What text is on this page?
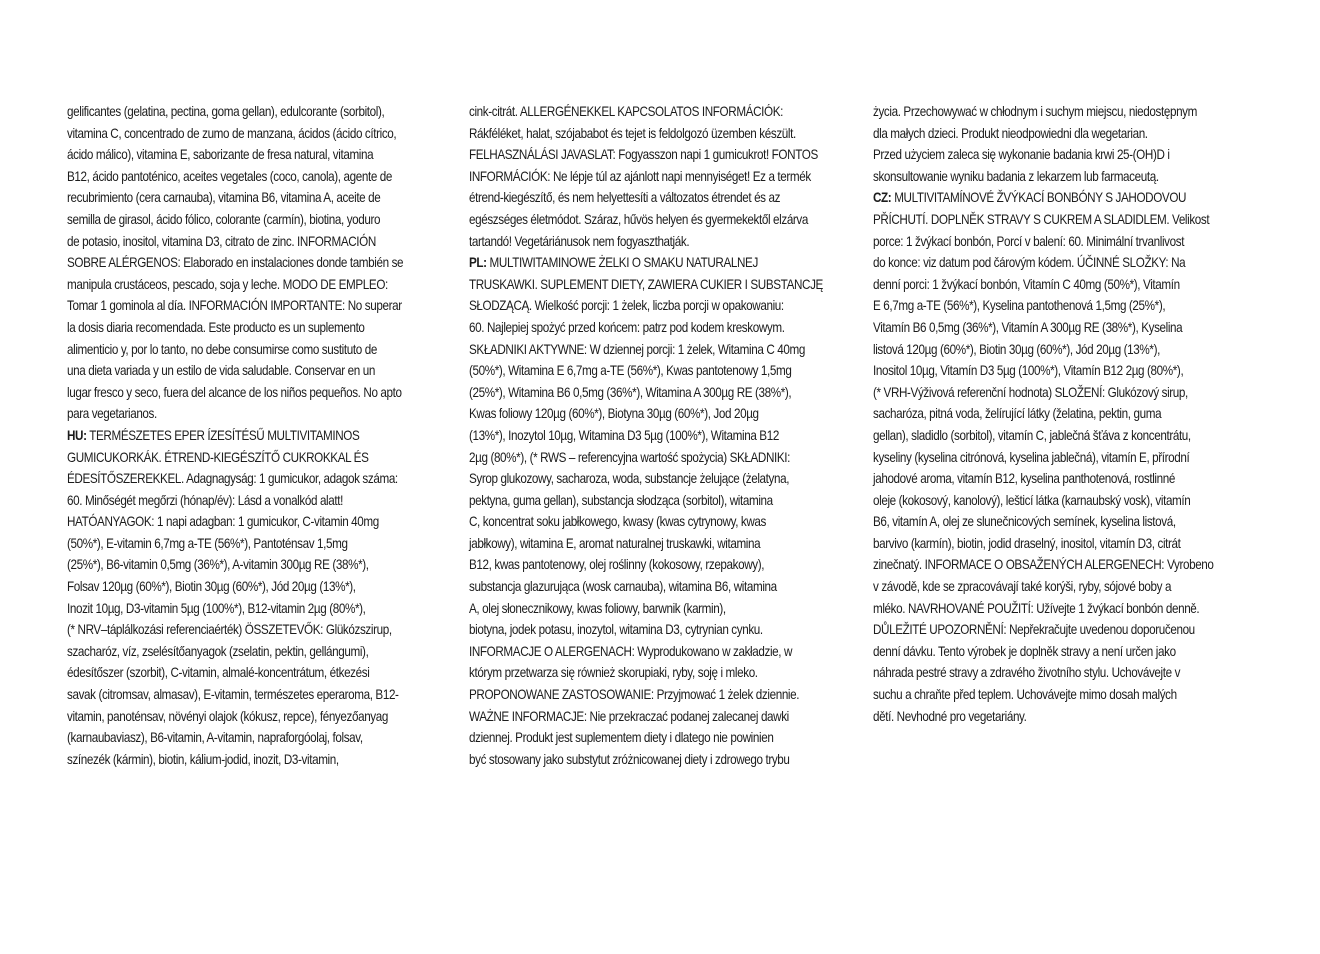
gelificantes (gelatina, pectina, goma gellan), edulcorante (sorbitol),
vitamina C, concentrado de zumo de manzana, ácidos (ácido cítrico,
ácido málico), vitamina E, saborizante de fresa natural, vitamina
B12, ácido pantoténico, aceites vegetales (coco, canola), agente de
recubrimiento (cera carnauba), vitamina B6, vitamina A, aceite de
semilla de girasol, ácido fólico, colorante (carmín), biotina, yoduro
de potasio, inositol, vitamina D3, citrato de zinc. INFORMACIÓN
SOBRE ALÉRGENOS: Elaborado en instalaciones donde también se
manipula crustáceos, pescado, soja y leche. MODO DE EMPLEO:
Tomar 1 gominola al día. INFORMACIÓN IMPORTANTE: No superar
la dosis diaria recomendada. Este producto es un suplemento
alimenticio y, por lo tanto, no debe consumirse como sustituto de
una dieta variada y un estilo de vida saludable. Conservar en un
lugar fresco y seco, fuera del alcance de los niños pequeños. No apto
para vegetarianos.
HU: TERMÉSZETES EPER ÍZESÍTÉSŰ MULTIVITAMINOS
GUMICUKORKÁK. ÉTREND-KIEGÉSZÍTŐ CUKROKKAL ÉS
ÉDESÍTŐSZEREKKEL. Adagnagyság: 1 gumicukor, adagok száma:
60. Minőségét megőrzi (hónap/év): Lásd a vonalkód alatt!
HATÓANYAGOK: 1 napi adagban: 1 gumicukor, C-vitamin 40mg
(50%*), E-vitamin 6,7mg a-TE (56%*), Pantoténsav 1,5mg
(25%*), B6-vitamin 0,5mg (36%*), A-vitamin 300µg RE (38%*),
Folsav 120µg (60%*), Biotin 30µg (60%*), Jód 20µg (13%*),
Inozit 10µg, D3-vitamin 5µg (100%*), B12-vitamin 2µg (80%*),
(* NRV–táplálkozási referenciaérték) ÖSSZETEVŐK: Glükózszirup,
szacharóz, víz, zselésítőanyagok (zselatin, pektin, gellángumi),
édesítőszer (szorbit), C-vitamin, almalé-koncentrátum, étkezési
savak (citromsav, almasav), E-vitamin, természetes eperaroma, B12-
vitamin, panoténsav, növényi olajok (kókusz, repce), fényezőanyag
(karnaubaviasz), B6-vitamin, A-vitamin, napraforgóolaj, folsav,
színezék (kármin), biotin, kálium-jodid, inozit, D3-vitamin,
cink-citrát. ALLERGÉNEKKEL KAPCSOLATOS INFORMÁCIÓK:
Rákféléket, halat, szójababot és tejet is feldolgozó üzemben készült.
FELHASZNÁLÁSI JAVASLAT: Fogyasszon napi 1 gumicukrot! FONTOS
INFORMÁCIÓK: Ne lépje túl az ajánlott napi mennyiséget! Ez a termék
étrend-kiegészítő, és nem helyettesíti a változatos étrendet és az
egészséges életmódot. Száraz, hűvös helyen és gyermekektől elzárva
tartandó! Vegetáriánusok nem fogyaszthatják.
PL: MULTIWITAMINOWE ŻELKI O SMAKU NATURALNEJ
TRUSKAWKI. SUPLEMENT DIETY, ZAWIERA CUKIER I SUBSTANCJĘ
SŁODZĄCĄ. Wielkość porcji: 1 żelek, liczba porcji w opakowaniu:
60. Najlepiej spożyć przed końcem: patrz pod kodem kreskowym.
SKŁADNIKI AKTYWNE: W dziennej porcji: 1 żelek, Witamina C 40mg
(50%*), Witamina E 6,7mg a-TE (56%*), Kwas pantotenowy 1,5mg
(25%*), Witamina B6 0,5mg (36%*), Witamina A 300µg RE (38%*),
Kwas foliowy 120µg (60%*), Biotyna 30µg (60%*), Jod 20µg
(13%*), Inozytol 10µg, Witamina D3 5µg (100%*), Witamina B12
2µg (80%*), (* RWS – referencyjna wartość spożycia) SKŁADNIKI:
Syrop glukozowy, sacharoza, woda, substancje żelujące (żelatyna,
pektyna, guma gellan), substancja słodząca (sorbitol), witamina
C, koncentrat soku jabłkowego, kwasy (kwas cytrynowy, kwas
jabłkowy), witamina E, aromat naturalnej truskawki, witamina
B12, kwas pantotenowy, olej roślinny (kokosowy, rzepakowy),
substancja glazurująca (wosk carnauba), witamina B6, witamina
A, olej słonecznikowy, kwas foliowy, barwnik (karmin),
biotyna, jodek potasu, inozytol, witamina D3, cytrynian cynku.
INFORMACJE O ALERGENACH: Wyprodukowano w zakładzie, w
którym przetwarza się również skorupiaki, ryby, soję i mleko.
PROPONOWANE ZASTOSOWANIE: Przyjmować 1 żelek dziennie.
WAŻNE INFORMACJE: Nie przekraczać podanej zalecanej dawki
dziennej. Produkt jest suplementem diety i dlatego nie powinien
być stosowany jako substytut zróżnicowanej diety i zdrowego trybu
życia. Przechowywać w chłodnym i suchym miejscu, niedostępnym
dla małych dzieci. Produkt nieodpowiedni dla wegetarian.
Przed użyciem zaleca się wykonanie badania krwi 25-(OH)D i
skonsultowanie wyniku badania z lekarzem lub farmaceutą.
CZ: MULTIVITAMÍNOVÉ ŽVÝKACÍ BONBÓNY S JAHODOVOU
PŘÍCHUTÍ. DOPLNĚK STRAVY S CUKREM A SLADIDLEM. Velikost
porce: 1 žvýkací bonbón, Porcí v balení: 60. Minimální trvanlivost
do konce: viz datum pod čárovým kódem. ÚČINNÉ SLOŽKY: Na
denní porci: 1 žvýkací bonbón, Vitamín C 40mg (50%*), Vitamín
E 6,7mg a-TE (56%*), Kyselina pantothenová 1,5mg (25%*),
Vitamín B6 0,5mg (36%*), Vitamín A 300µg RE (38%*), Kyselina
listová 120µg (60%*), Biotin 30µg (60%*), Jód 20µg (13%*),
Inositol 10µg, Vitamín D3 5µg (100%*), Vitamín B12 2µg (80%*),
(* VRH-Výživová referenční hodnota) SLOŽENÍ: Glukózový sirup,
sacharóza, pitná voda, želírující látky (želatina, pektin, guma
gellan), sladidlo (sorbitol), vitamín C, jablečná šťáva z koncentrátu,
kyseliny (kyselina citrónová, kyselina jablečná), vitamín E, přírodní
jahodové aroma, vitamín B12, kyselina panthotenová, rostlinné
oleje (kokosový, kanolový), lešticí látka (karnaubský vosk), vitamín
B6, vitamín A, olej ze slunečnicových semínek, kyselina listová,
barvivo (karmín), biotin, jodid draselný, inositol, vitamín D3, citrát
zinečnatý. INFORMACE O OBSAŽENÝCH ALERGENECH: Vyrobeno
v závodě, kde se zpracovávají také korýši, ryby, sójové boby a
mléko. NAVRHOVANÉ POUŽITÍ: Užívejte 1 žvýkací bonbón denně.
DŮLEŽITÉ UPOZORNĚNÍ: Nepřekračujte uvedenou doporučenou
denní dávku. Tento výrobek je doplněk stravy a není určen jako
náhrada pestré stravy a zdravého životního stylu. Uchovávejte v
suchu a chraňte před teplem. Uchovávejte mimo dosah malých
dětí. Nevhodné pro vegetariány.
